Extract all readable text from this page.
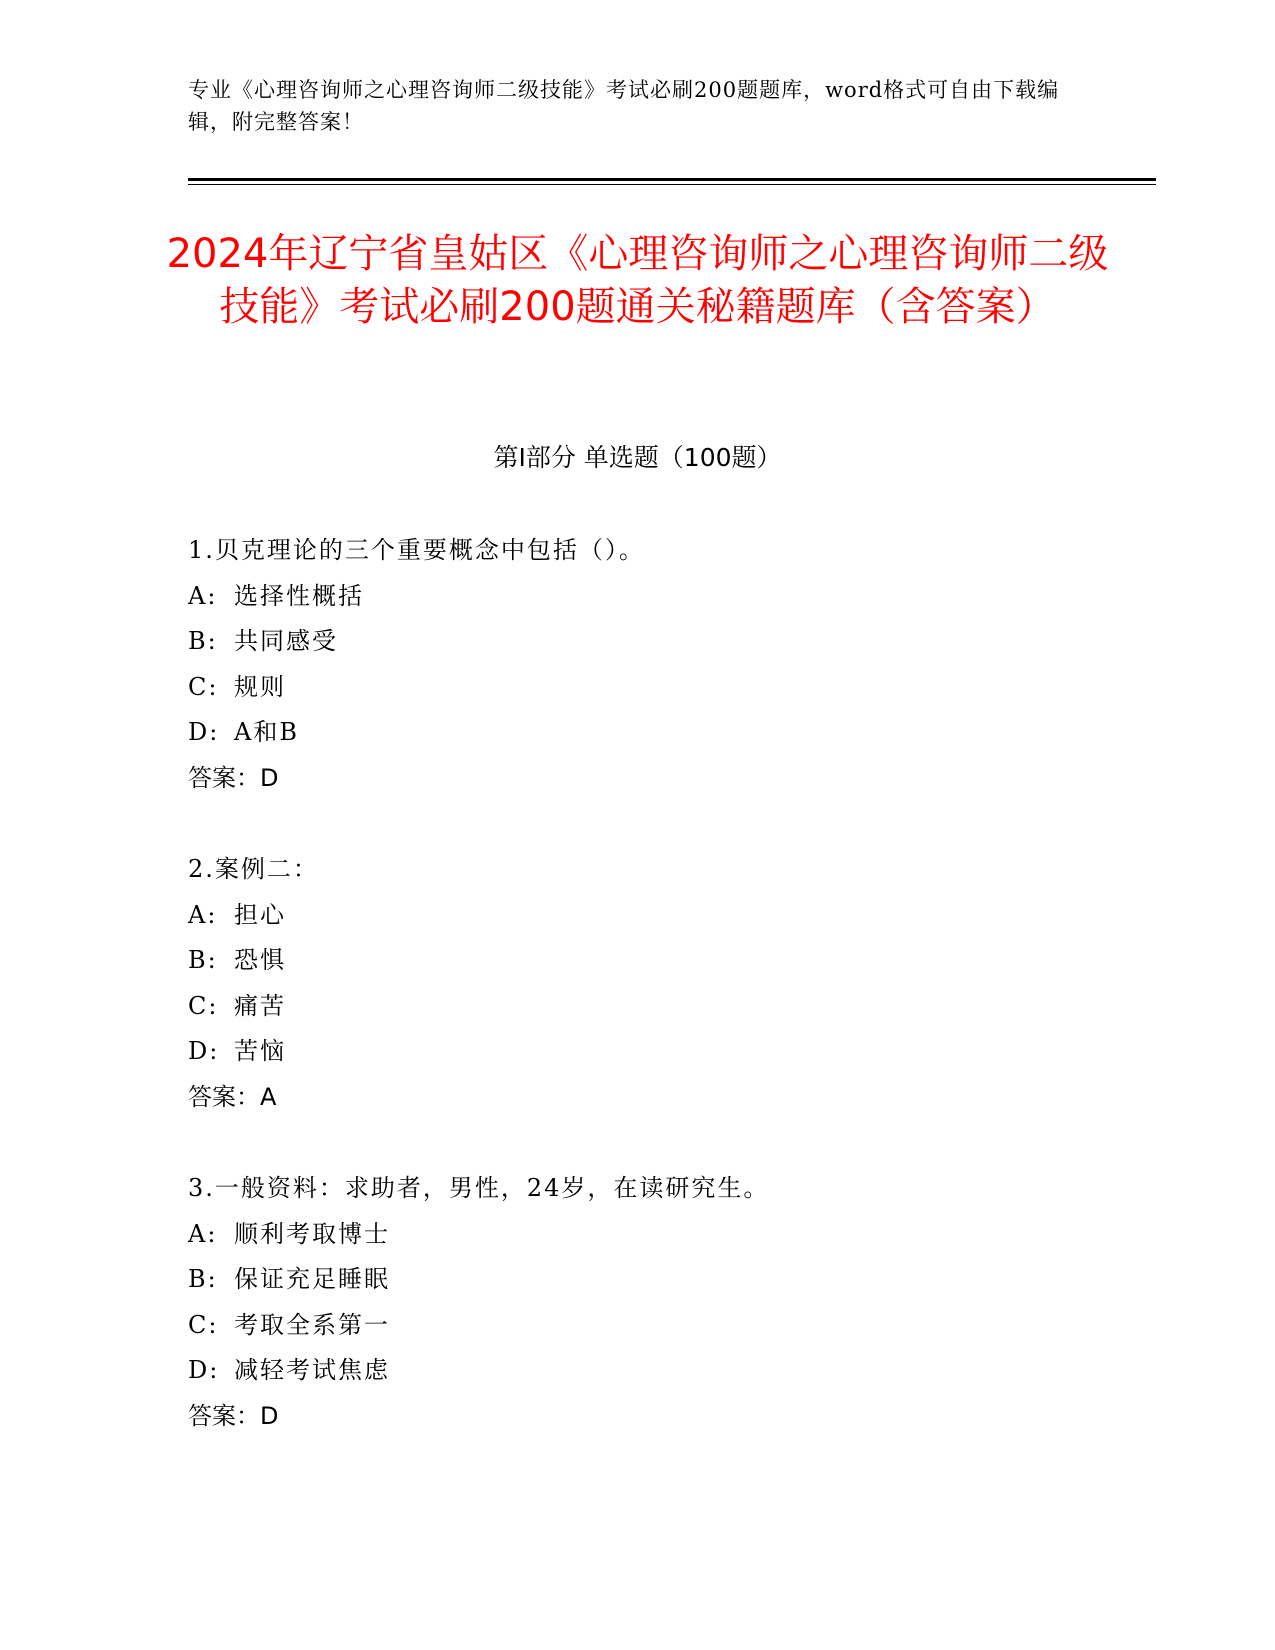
专业《心理咨询师之心理咨询师二级技能》考试必刷200题题库，word格式可自由下载编辑，附完整答案！
2024年辽宁省皇姑区《心理咨询师之心理咨询师二级技能》考试必刷200题通关秘籍题库（含答案）
第I部分 单选题（100题）
1.贝克理论的三个重要概念中包括（）。
A: 选择性概括
B: 共同感受
C: 规则
D: A和B
答案：D
2.案例二：
A: 担心
B: 恐惧
C: 痛苦
D: 苦恼
答案：A
3.一般资料：求助者，男性，24岁，在读研究生。
A: 顺利考取博士
B: 保证充足睡眠
C: 考取全系第一
D: 减轻考试焦虑
答案：D
